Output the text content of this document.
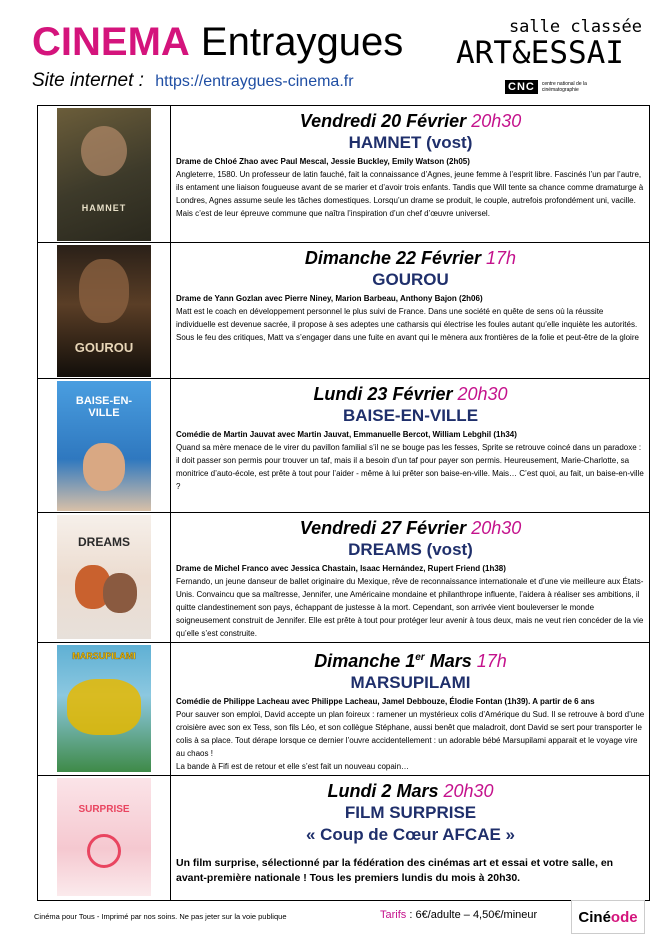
CINEMA Entraygues
Site internet : https://entraygues-cinema.fr
salle classée
ART&ESSAI
CNC	centre national de la cinématographie
HAMNET	Vendredi 20 Février 20h30
HAMNET (vost)
Drame de Chloé Zhao avec Paul Mescal, Jessie Buckley, Emily Watson (2h05)
Angleterre, 1580. Un professeur de latin fauché, fait la connaissance d’Agnes, jeune femme à l’esprit libre. Fascinés l’un par l’autre, ils entament une liaison fougueuse avant de se marier et d’avoir trois enfants. Tandis que Will tente sa chance comme dramaturge à Londres, Agnes assume seule les tâches domestiques. Lorsqu’un drame se produit, le couple, autrefois profondément uni, vacille. Mais c’est de leur épreuve commune que naîtra l’inspiration d’un chef d’œuvre universel.

GOUROU	Dimanche 22 Février 17h
GOUROU
Drame de Yann Gozlan avec Pierre Niney, Marion Barbeau, Anthony Bajon (2h06)
Matt est le coach en développement personnel le plus suivi de France. Dans une société en quête de sens où la réussite individuelle est devenue sacrée, il propose à ses adeptes une catharsis qui électrise les foules autant qu’elle inquiète les autorités. Sous le feu des critiques, Matt va s’engager dans une fuite en avant qui le mènera aux frontières de la folie et peut-être de la gloire

BAISE-EN-VILLE	Lundi 23 Février 20h30
BAISE-EN-VILLE
Comédie de Martin Jauvat avec Martin Jauvat, Emmanuelle Bercot, William Lebghil (1h34)
Quand sa mère menace de le virer du pavillon familial s’il ne se bouge pas les fesses, Sprite se retrouve coincé dans un paradoxe : il doit passer son permis pour trouver un taf, mais il a besoin d’un taf pour payer son permis. Heureusement, Marie-Charlotte, sa monitrice d’auto-école, est prête à tout pour l’aider - même à lui prêter son baise-en-ville. Mais… C’est quoi, au fait, un baise-en-ville ?

DREAMS	Vendredi 27 Février 20h30
DREAMS (vost)
Drame de Michel Franco avec Jessica Chastain, Isaac Hernández, Rupert Friend (1h38)
Fernando, un jeune danseur de ballet originaire du Mexique, rêve de reconnaissance internationale et d’une vie meilleure aux États-Unis. Convaincu que sa maîtresse, Jennifer, une Américaine mondaine et philanthrope influente, l’aidera à réaliser ses ambitions, il quitte clandestinement son pays, échappant de justesse à la mort. Cependant, son arrivée vient bouleverser le monde soigneusement construit de Jennifer. Elle est prête à tout pour protéger leur avenir à tous deux, mais ne veut rien concéder de la vie qu’elle s’est construite.

MARSUPILAMI	Dimanche 1er Mars 17h
MARSUPILAMI
Comédie de Philippe Lacheau avec Philippe Lacheau, Jamel Debbouze, Élodie Fontan (1h39). A partir de 6 ans
Pour sauver son emploi, David accepte un plan foireux : ramener un mystérieux colis d’Amérique du Sud. Il se retrouve à bord d’une croisière avec son ex Tess, son fils Léo, et son collègue Stéphane, aussi benêt que maladroit, dont David se sert pour transporter le colis à sa place. Tout dérape lorsque ce dernier l’ouvre accidentellement : un adorable bébé Marsupilami apparait et le voyage vire au chaos !
La bande à Fifi est de retour et elle s’est fait un nouveau copain…

SURPRISE	Lundi 2 Mars 20h30
FILM SURPRISE
« Coup de Cœur AFCAE »
Un film surprise, sélectionné par la fédération des cinémas art et essai et votre salle, en avant-première nationale ! Tous les premiers lundis du mois à 20h30.
Cinéma pour Tous - Imprimé par nos soins. Ne pas jeter sur la voie publique	Tarifs : 6€/adulte – 4,50€/mineur	Ciné ode
